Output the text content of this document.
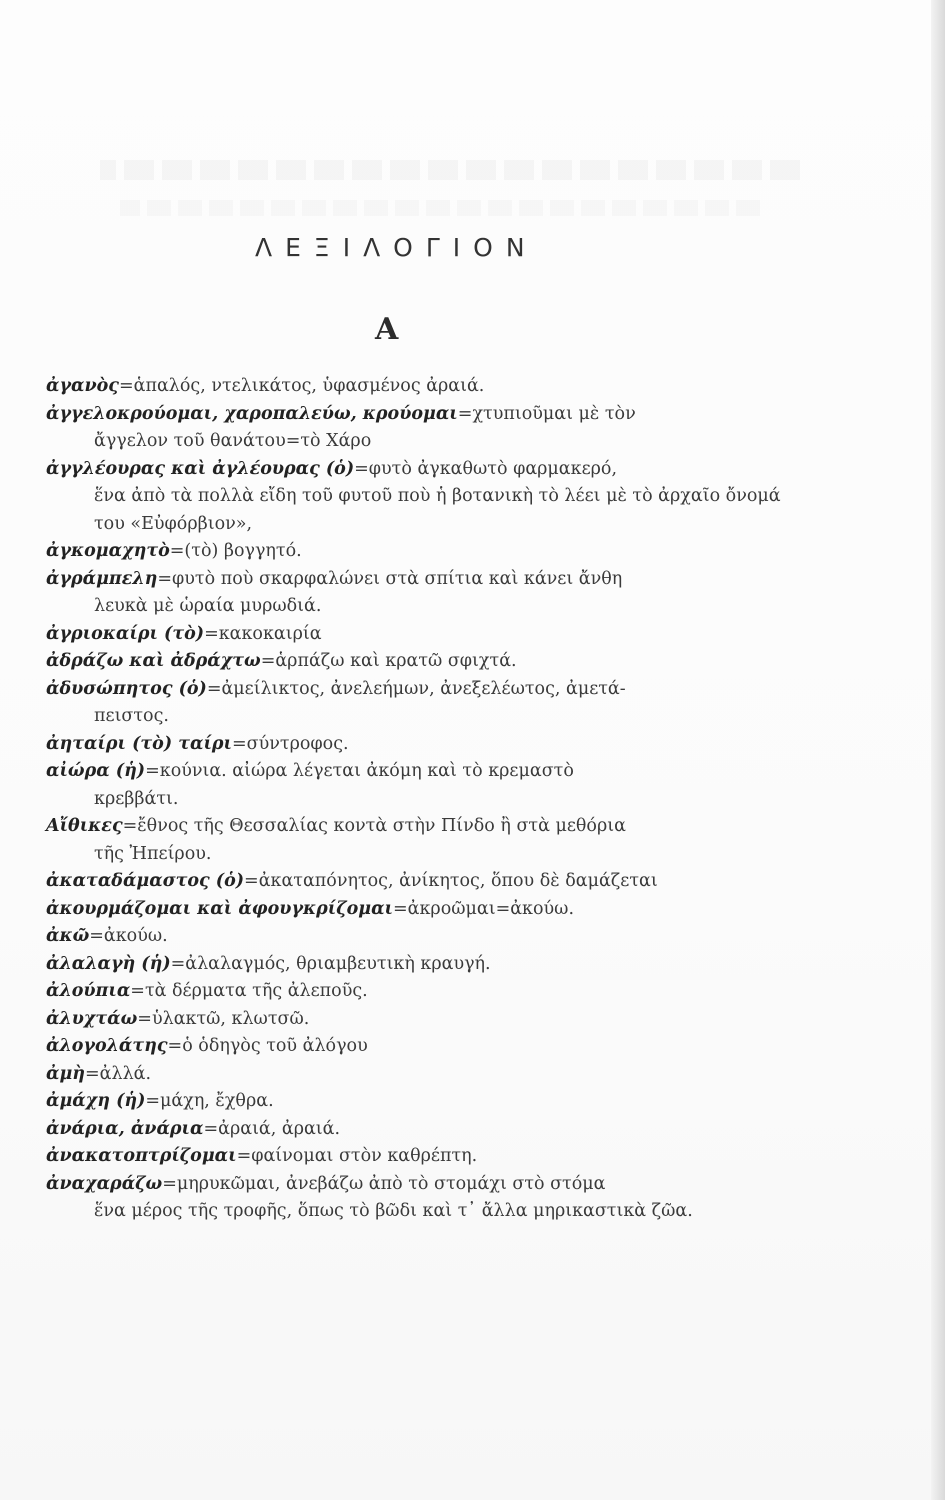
ΛΕΞΙΛΟΓΙΟΝ
Α
ἀγανὸς=ἁπαλός, ντελικάτος, ὑφασμένος ἀραιά.
ἀγγελοκρούομαι, χαροπαλεύω, κρούομαι=χτυπιοῦμαι μὲ τὸν
ἄγγελον τοῦ θανάτου=τὸ Χάρο
ἀγγλέουρας καὶ ἀγλέουρας (ὁ)=φυτὸ ἀγκαθωτὸ φαρμακερό,
ἕνα ἀπὸ τὰ πολλὰ εἴδη τοῦ φυτοῦ ποὺ ἡ βοτανικὴ τὸ λέει μὲ τὸ ἀρχαῖο ὄνομά του «Εὐφόρβιον»,
ἀγκομαχητὸ=(τὸ) βογγητό.
ἀγράμπελη=φυτὸ ποὺ σκαρφαλώνει στὰ σπίτια καὶ κάνει ἄνθη
λευκὰ μὲ ὡραία μυρωδιά.
ἀγριοκαίρι (τὸ)=κακοκαιρία
ἀδράζω καὶ ἀδράχτω=ἁρπάζω καὶ κρατῶ σφιχτά.
ἀδυσώπητος (ὁ)=ἀμείλικτος, ἀνελεήμων, ἀνεξελέωτος, ἀμετά-
πειστος.
ἀηταίρι (τὸ) ταίρι=σύντροφος.
αἰώρα (ἡ)=κούνια. αἰώρα λέγεται ἀκόμη καὶ τὸ κρεμαστὸ
κρεββάτι.
Αἴθικες=ἔθνος τῆς Θεσσαλίας κοντὰ στὴν Πίνδο ἢ στὰ μεθόρια
τῆς Ἠπείρου.
ἀκαταδάμαστος (ὁ)=ἀκαταπόνητος, ἀνίκητος, ὅπου δὲ δαμάζεται
ἀκουρμάζομαι καὶ ἀφουγκρίζομαι=ἀκροῶμαι=ἀκούω.
ἀκῶ=ἀκούω.
ἀλαλαγὴ (ἡ)=ἀλαλαγμός, θριαμβευτικὴ κραυγή.
ἀλούπια=τὰ δέρματα τῆς ἀλεποῦς.
ἀλυχτάω=ὑλακτῶ, κλωτσῶ.
ἀλογολάτης=ὁ ὁδηγὸς τοῦ ἀλόγου
ἀμὴ=ἀλλά.
ἀμάχη (ἡ)=μάχη, ἔχθρα.
ἀνάρια, ἀνάρια=ἀραιά, ἀραιά.
ἀνακατοπτρίζομαι=φαίνομαι στὸν καθρέπτη.
ἀναχαράζω=μηρυκῶμαι, ἀνεβάζω ἀπὸ τὸ στομάχι στὸ στόμα
ἕνα μέρος τῆς τροφῆς, ὅπως τὸ βῶδι καὶ τ᾽ ἄλλα μηρικαστικὰ ζῶα.
